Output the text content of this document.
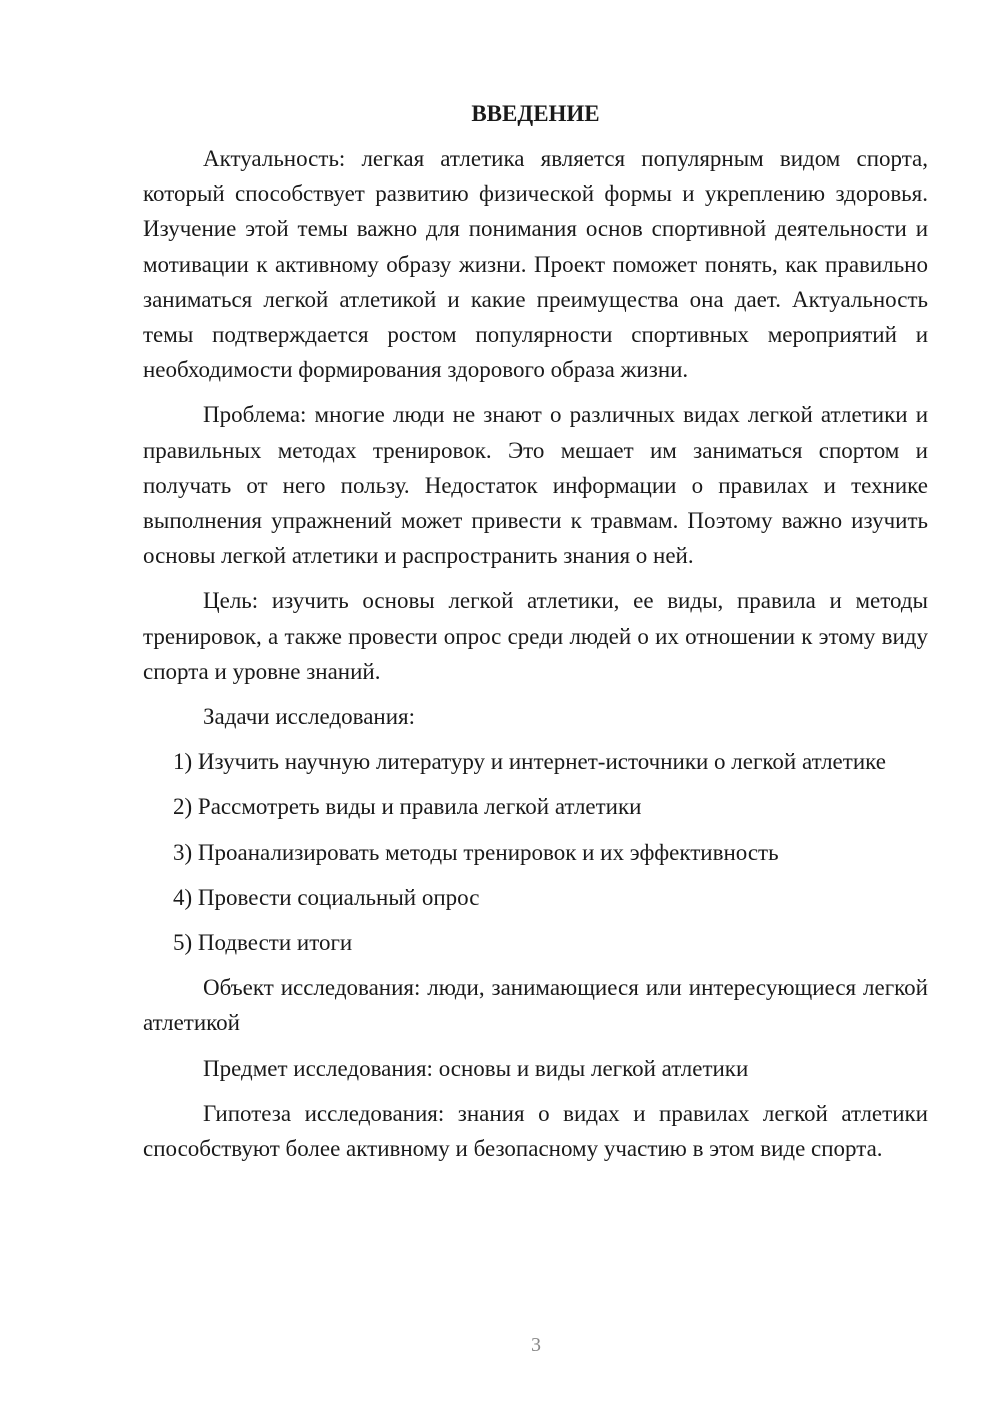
ВВЕДЕНИЕ

Актуальность: легкая атлетика является популярным видом спорта, который способствует развитию физической формы и укреплению здоровья. Изучение этой темы важно для понимания основ спортивной деятельности и мотивации к активному образу жизни. Проект поможет понять, как правильно заниматься легкой атлетикой и какие преимущества она дает. Актуальность темы подтверждается ростом популярности спортивных мероприятий и необходимости формирования здорового образа жизни.

Проблема: многие люди не знают о различных видах легкой атлетики и правильных методах тренировок. Это мешает им заниматься спортом и получать от него пользу. Недостаток информации о правилах и технике выполнения упражнений может привести к травмам. Поэтому важно изучить основы легкой атлетики и распространить знания о ней.

Цель: изучить основы легкой атлетики, ее виды, правила и методы тренировок, а также провести опрос среди людей о их отношении к этому виду спорта и уровне знаний.

Задачи исследования:

1) Изучить научную литературу и интернет-источники о легкой атлетике

2) Рассмотреть виды и правила легкой атлетики

3) Проанализировать методы тренировок и их эффективность

4) Провести социальный опрос

5) Подвести итоги

Объект исследования: люди, занимающиеся или интересующиеся легкой атлетикой

Предмет исследования: основы и виды легкой атлетики

Гипотеза исследования: знания о видах и правилах легкой атлетики способствуют более активному и безопасному участию в этом виде спорта.

3
